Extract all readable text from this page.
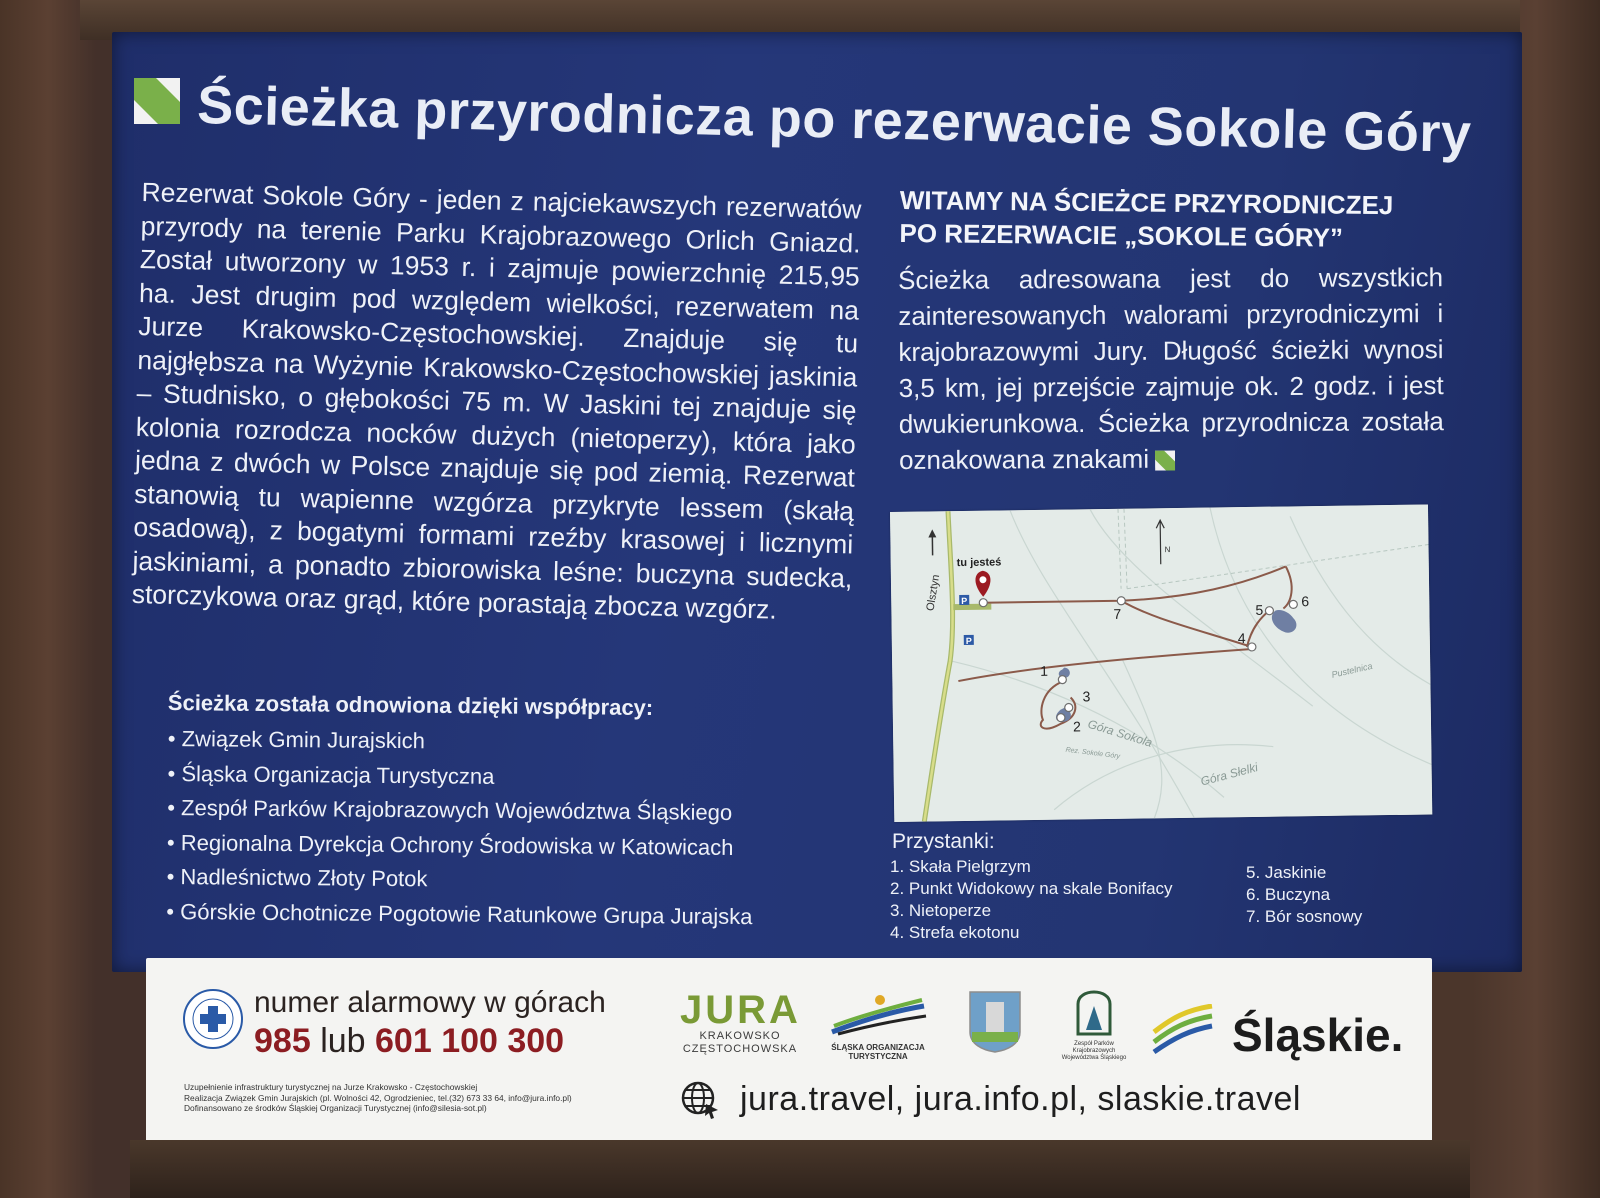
Ścieżka przyrodnicza po rezerwacie Sokole Góry
Rezerwat Sokole Góry - jeden z najciekawszych rezerwatów przyrody na terenie Parku Krajobrazowego Orlich Gniazd. Został utworzony w 1953 r. i zajmuje powierzchnię 215,95 ha. Jest drugim pod względem wielkości, rezerwatem na Jurze Krakowsko-Częstochowskiej. Znajduje się tu najgłębsza na Wyżynie Krakowsko-Częstochowskiej jaskinia – Studnisko, o głębokości 75 m. W Jaskini tej znajduje się kolonia rozrodcza nocków dużych (nietoperzy), która jako jedna z dwóch w Polsce znajduje się pod ziemią. Rezerwat stanowią tu wapienne wzgórza przykryte lessem (skałą osadową), z bogatymi formami rzeźby krasowej i licznymi jaskiniami, a ponadto zbiorowiska leśne: buczyna sudecka, storczykowa oraz grąd, które porastają zbocza wzgórz.
WITAMY NA ŚCIEŻCE PRZYRODNICZEJ
PO REZERWACIE „SOKOLE GÓRY”
Ścieżka adresowana jest do wszystkich zainteresowanych walorami przyrodniczymi i krajobrazowymi Jury. Długość ścieżki wynosi 3,5 km, jej przejście zajmuje ok. 2 godz. i jest dwukierunkowa. Ścieżka przyrodnicza została oznakowana znakami
Ścieżka została odnowiona dzięki współpracy:
• Związek Gmin Jurajskich
• Śląska Organizacja Turystyczna
• Zespół Parków Krajobrazowych Województwa Śląskiego
• Regionalna Dyrekcja Ochrony Środowiska w Katowicach
• Nadleśnictwo Złoty Potok
• Górskie Ochotnicze Pogotowie Ratunkowe Grupa Jurajska
tu jesteś
Olsztyn P
P
N
1
2
3
4
5
6
7
Góra Sokola
Rez. Sokole Góry
Góra Słelki
Pustelnica
Przystanki:
1. Skała Pielgrzym
2. Punkt Widokowy na skale Bonifacy
3. Nietoperze
4. Strefa ekotonu
5. Jaskinie
6. Buczyna
7. Bór sosnowy
numer alarmowy w górach
985 lub 601 100 300
JURA
KRAKOWSKO
CZĘSTOCHOWSKA	ŚLĄSKA ORGANIZACJA TURYSTYCZNA
Zespół Parków Krajobrazowych
Województwa Śląskiego Śląskie.
Uzupełnienie infrastruktury turystycznej na Jurze Krakowsko - Częstochowskiej
Realizacja Związek Gmin Jurajskich (pl. Wolności 42, Ogrodzieniec, tel.(32) 673 33 64, info@jura.info.pl)
Dofinansowano ze środków Śląskiej Organizacji Turystycznej (info@silesia-sot.pl)	jura.travel, jura.info.pl, slaskie.travel
